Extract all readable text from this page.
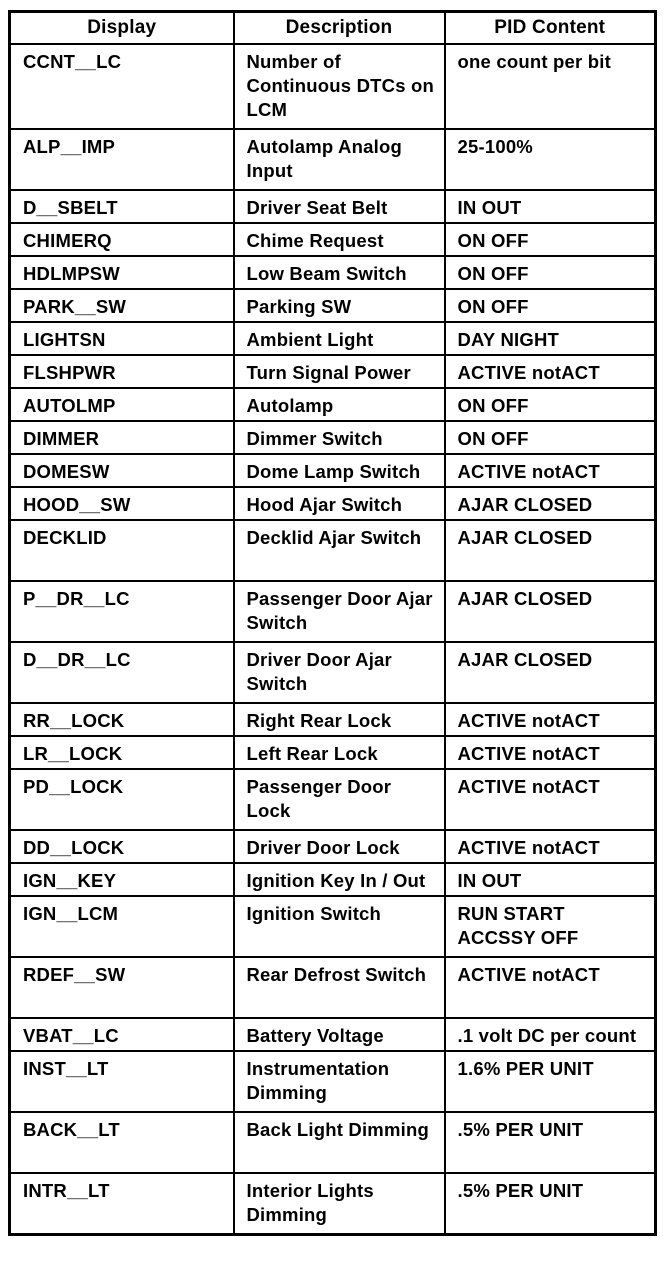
Display	Description	PID Content
CCNT__LC	Number of Continuous DTCs on LCM	one count per bit
ALP__IMP	Autolamp Analog Input	25-100%
D__SBELT	Driver Seat Belt	IN OUT
CHIMERQ	Chime Request	ON OFF
HDLMPSW	Low Beam Switch	ON OFF
PARK__SW	Parking SW	ON OFF
LIGHTSN	Ambient Light	DAY NIGHT
FLSHPWR	Turn Signal Power	ACTIVE notACT
AUTOLMP	Autolamp	ON OFF
DIMMER	Dimmer Switch	ON OFF
DOMESW	Dome Lamp Switch	ACTIVE notACT
HOOD__SW	Hood Ajar Switch	AJAR CLOSED
DECKLID	Decklid Ajar Switch	AJAR CLOSED
P__DR__LC	Passenger Door Ajar Switch	AJAR CLOSED
D__DR__LC	Driver Door Ajar Switch	AJAR CLOSED
RR__LOCK	Right Rear Lock	ACTIVE notACT
LR__LOCK	Left Rear Lock	ACTIVE notACT
PD__LOCK	Passenger Door Lock	ACTIVE notACT
DD__LOCK	Driver Door Lock	ACTIVE notACT
IGN__KEY	Ignition Key In / Out	IN OUT
IGN__LCM	Ignition Switch	RUN START ACCSSY OFF
RDEF__SW	Rear Defrost Switch	ACTIVE notACT
VBAT__LC	Battery Voltage	.1 volt DC per count
INST__LT	Instrumentation Dimming	1.6% PER UNIT
BACK__LT	Back Light Dimming	.5% PER UNIT
INTR__LT	Interior Lights Dimming	.5% PER UNIT
